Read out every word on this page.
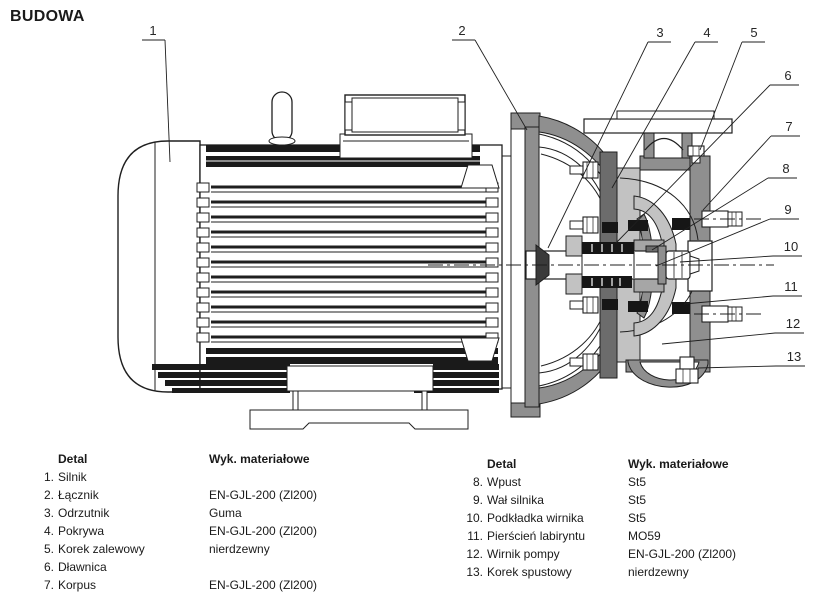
BUDOWA
1	2	3	4	5
6
7
8
9
10
11
12
13
Detal	Wyk. materiałowe
1. Silnik
2. Łącznik	EN-GJL-200 (Zl200)
3. Odrzutnik	Guma
4. Pokrywa	EN-GJL-200 (Zl200)
5. Korek zalewowy	nierdzewny
6. Dławnica
7. Korpus	EN-GJL-200 (Zl200)
Detal	Wyk. materiałowe
8. Wpust	St5
9. Wał silnika	St5
10. Podkładka wirnika	St5
11. Pierścień labiryntu	MO59
12. Wirnik pompy	EN-GJL-200 (Zl200)
13. Korek spustowy	nierdzewny
